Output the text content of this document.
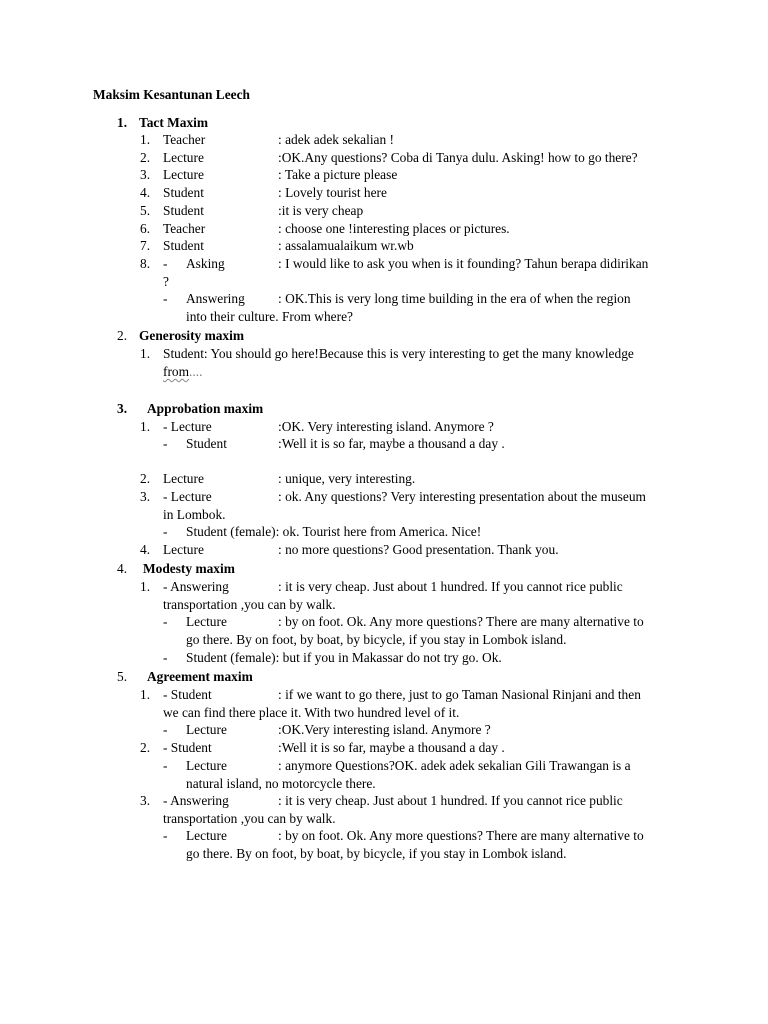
Maksim Kesantunan Leech
1. Tact Maxim
1. Teacher	: adek adek sekalian !
2. Lecture	:OK.Any questions? Coba di Tanya dulu. Asking! how to go there?
3. Lecture	: Take a picture please
4. Student	: Lovely tourist here
5. Student	:it is very cheap
6. Teacher	: choose one !interesting places or pictures.
7. Student	: assalamualaikum wr.wb
8. - Asking	: I would like to ask you when is it founding? Tahun berapa didirikan
?
- Answering : OK.This is very long time building in the era of when the region
into their culture. From where?
2. Generosity maxim
1. Student: You should go here!Because this is very interesting to get the many knowledge
from....
3. Approbation maxim
1. - Lecture	:OK. Very interesting island. Anymore ?
- Student	:Well it is so far, maybe a thousand a day .
2. Lecture	: unique, very interesting.
3. - Lecture	: ok. Any questions? Very interesting presentation about the museum
in Lombok.
- Student (female): ok. Tourist here from America. Nice!
4. Lecture	: no more questions? Good presentation. Thank you.
4. Modesty maxim
1. - Answering	: it is very cheap. Just about 1 hundred. If you cannot rice public
transportation ,you can by walk.
- Lecture	: by on foot. Ok. Any more questions? There are many alternative to
go there. By on foot, by boat, by bicycle, if you stay in Lombok island.
- Student (female): but if you in Makassar do not try go. Ok.
5. Agreement maxim
1. - Student	: if we want to go there, just to go Taman Nasional Rinjani and then
we can find there place it. With two hundred level of it.
- Lecture	:OK.Very interesting island. Anymore ?
2. - Student	:Well it is so far, maybe a thousand a day .
- Lecture	: anymore Questions?OK. adek adek sekalian Gili Trawangan is a
natural island, no motorcycle there.
3. - Answering	: it is very cheap. Just about 1 hundred. If you cannot rice public
transportation ,you can by walk.
- Lecture	: by on foot. Ok. Any more questions? There are many alternative to
go there. By on foot, by boat, by bicycle, if you stay in Lombok island.
